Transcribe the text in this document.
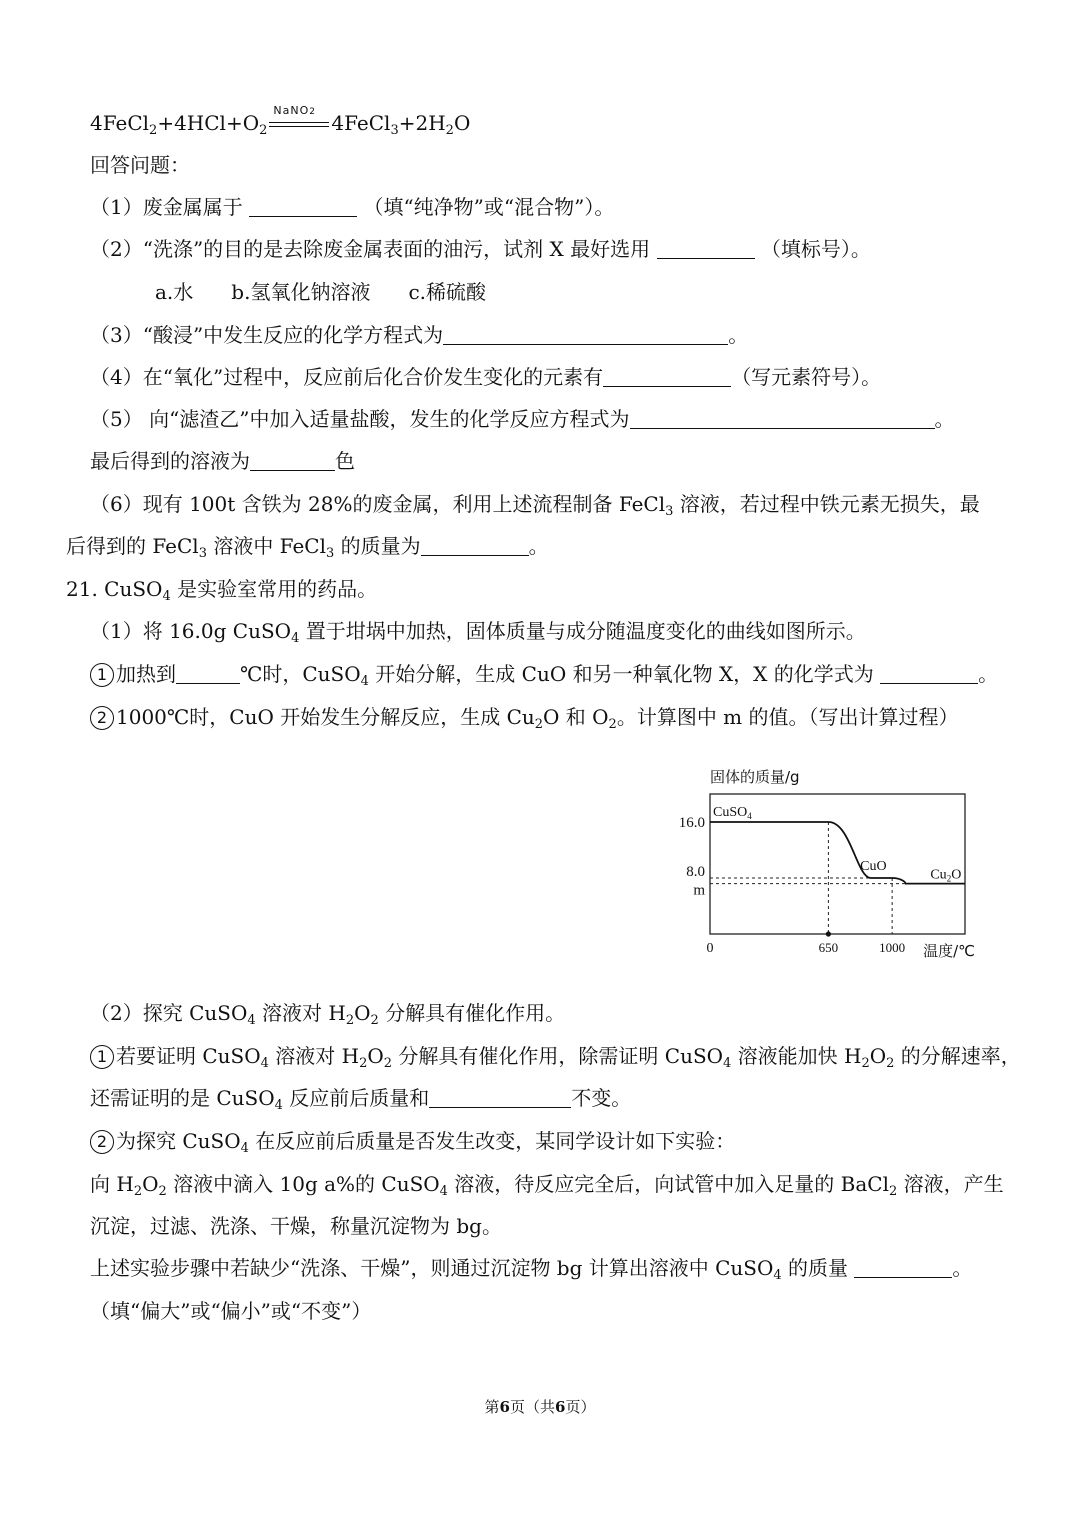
$4FeCl_2+4HCl+O_2$
NaNO2 $4FeCl_3+2H_2O$
回答问题：
（1）废金属属于	（填“纯净物”或“混合物”）。
（2）“洗涤”的目的是去除废金属表面的油污，试剂 X 最好选用	（填标号）。
a.水 b.氢氧化钠溶液 c.稀硫酸
（3）“酸浸”中发生反应的化学方程式为	。
（4）在“氧化”过程中，反应前后化合价发生变化的元素有	（写元素符号）。
（5） 向“滤渣乙”中加入适量盐酸，发生的化学反应方程式为	。
最后得到的溶液为	色
（6）现有 100t 含铁为 28%的废金属，利用上述流程制备 FeCl$_3$ 溶液，若过程中铁元素无损失，最
后得到的 FeCl$_3$ 溶液中 FeCl$_3$ 的质量为	。
21. CuSO$_4$ 是实验室常用的药品。
（1）将 16.0g CuSO$_4$ 置于坩埚中加热，固体质量与成分随温度变化的曲线如图所示。
1 加热到	℃时，CuSO$_4$ 开始分解，生成 CuO 和另一种氧化物 X，X 的化学式为	。
2 1000℃时，CuO 开始发生分解反应，生成 $Cu_2O$ 和 $O_2$。计算图中 m 的值。（写出计算过程）
16.0
8.0
m
0	650	1000
固体的质量/g
温度/℃
CuSO$_4$
CuO
$Cu_2O$
（2）探究 CuSO$_4$ 溶液对 $H_2O_2$ 分解具有催化作用。
1 若要证明 CuSO$_4$ 溶液对 $H_2O_2$ 分解具有催化作用，除需证明 CuSO$_4$ 溶液能加快 $H_2O_2$ 的分解速率，
还需证明的是 CuSO$_4$ 反应前后质量和	不变。
2 为探究 CuSO$_4$ 在反应前后质量是否发生改变，某同学设计如下实验：
向 $H_2O_2$ 溶液中滴入 10g a%的 CuSO$_4$ 溶液，待反应完全后，向试管中加入足量的 BaCl$_2$ 溶液，产生
沉淀，过滤、洗涤、干燥，称量沉淀物为 bg。
上述实验步骤中若缺少“洗涤、干燥”，则通过沉淀物 bg 计算出溶液中 CuSO$_4$ 的质量	。
（填“偏大”或“偏小”或“不变”）
第6页（共6页）
